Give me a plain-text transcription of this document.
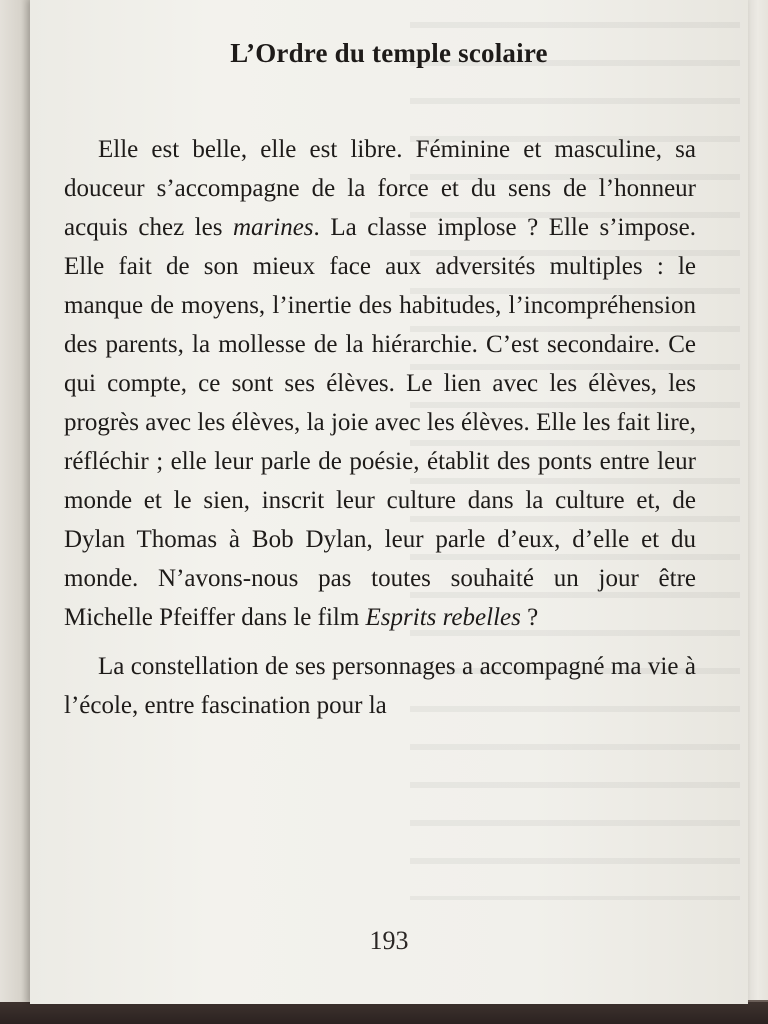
L’Ordre du temple scolaire

Elle est belle, elle est libre. Féminine et masculine, sa douceur s’accompagne de la force et du sens de l’honneur acquis chez les marines. La classe implose ? Elle s’impose. Elle fait de son mieux face aux adversités multiples : le manque de moyens, l’inertie des habitudes, l’incompréhension des parents, la mollesse de la hiérarchie. C’est secondaire. Ce qui compte, ce sont ses élèves. Le lien avec les élèves, les progrès avec les élèves, la joie avec les élèves. Elle les fait lire, réfléchir ; elle leur parle de poésie, établit des ponts entre leur monde et le sien, inscrit leur culture dans la culture et, de Dylan Thomas à Bob Dylan, leur parle d’eux, d’elle et du monde. N’avons-nous pas toutes souhaité un jour être Michelle Pfeiffer dans le film Esprits rebelles ?

La constellation de ses personnages a accompagné ma vie à l’école, entre fascination pour la

193
